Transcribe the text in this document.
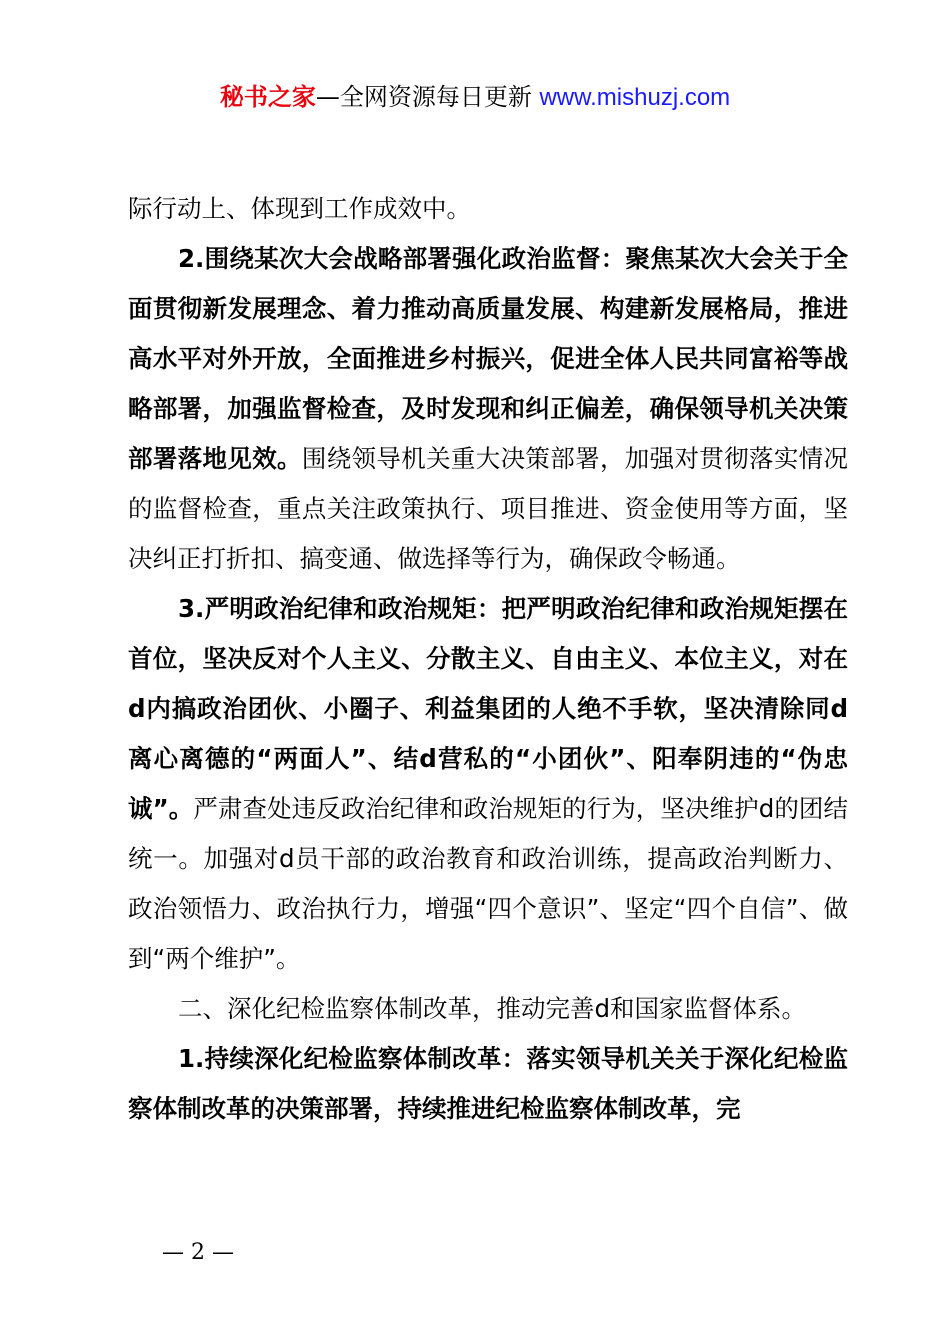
秘书之家—全网资源每日更新 www.mishuzj.com

际行动上、体现到工作成效中。

2.围绕某次大会战略部署强化政治监督：聚焦某次大会关于全面贯彻新发展理念、着力推动高质量发展、构建新发展格局，推进高水平对外开放，全面推进乡村振兴，促进全体人民共同富裕等战略部署，加强监督检查，及时发现和纠正偏差，确保领导机关决策部署落地见效。围绕领导机关重大决策部署，加强对贯彻落实情况的监督检查，重点关注政策执行、项目推进、资金使用等方面，坚决纠正打折扣、搞变通、做选择等行为，确保政令畅通。

3.严明政治纪律和政治规矩：把严明政治纪律和政治规矩摆在首位，坚决反对个人主义、分散主义、自由主义、本位主义，对在d内搞政治团伙、小圈子、利益集团的人绝不手软，坚决清除同d离心离德的“两面人”、结d营私的“小团伙”、阳奉阴违的“伪忠诚”。严肃查处违反政治纪律和政治规矩的行为，坚决维护d的团结统一。加强对d员干部的政治教育和政治训练，提高政治判断力、政治领悟力、政治执行力，增强“四个意识”、坚定“四个自信”、做到“两个维护”。

二、深化纪检监察体制改革，推动完善d和国家监督体系。

1.持续深化纪检监察体制改革：落实领导机关关于深化纪检监察体制改革的决策部署，持续推进纪检监察体制改革，完

— 2 —
